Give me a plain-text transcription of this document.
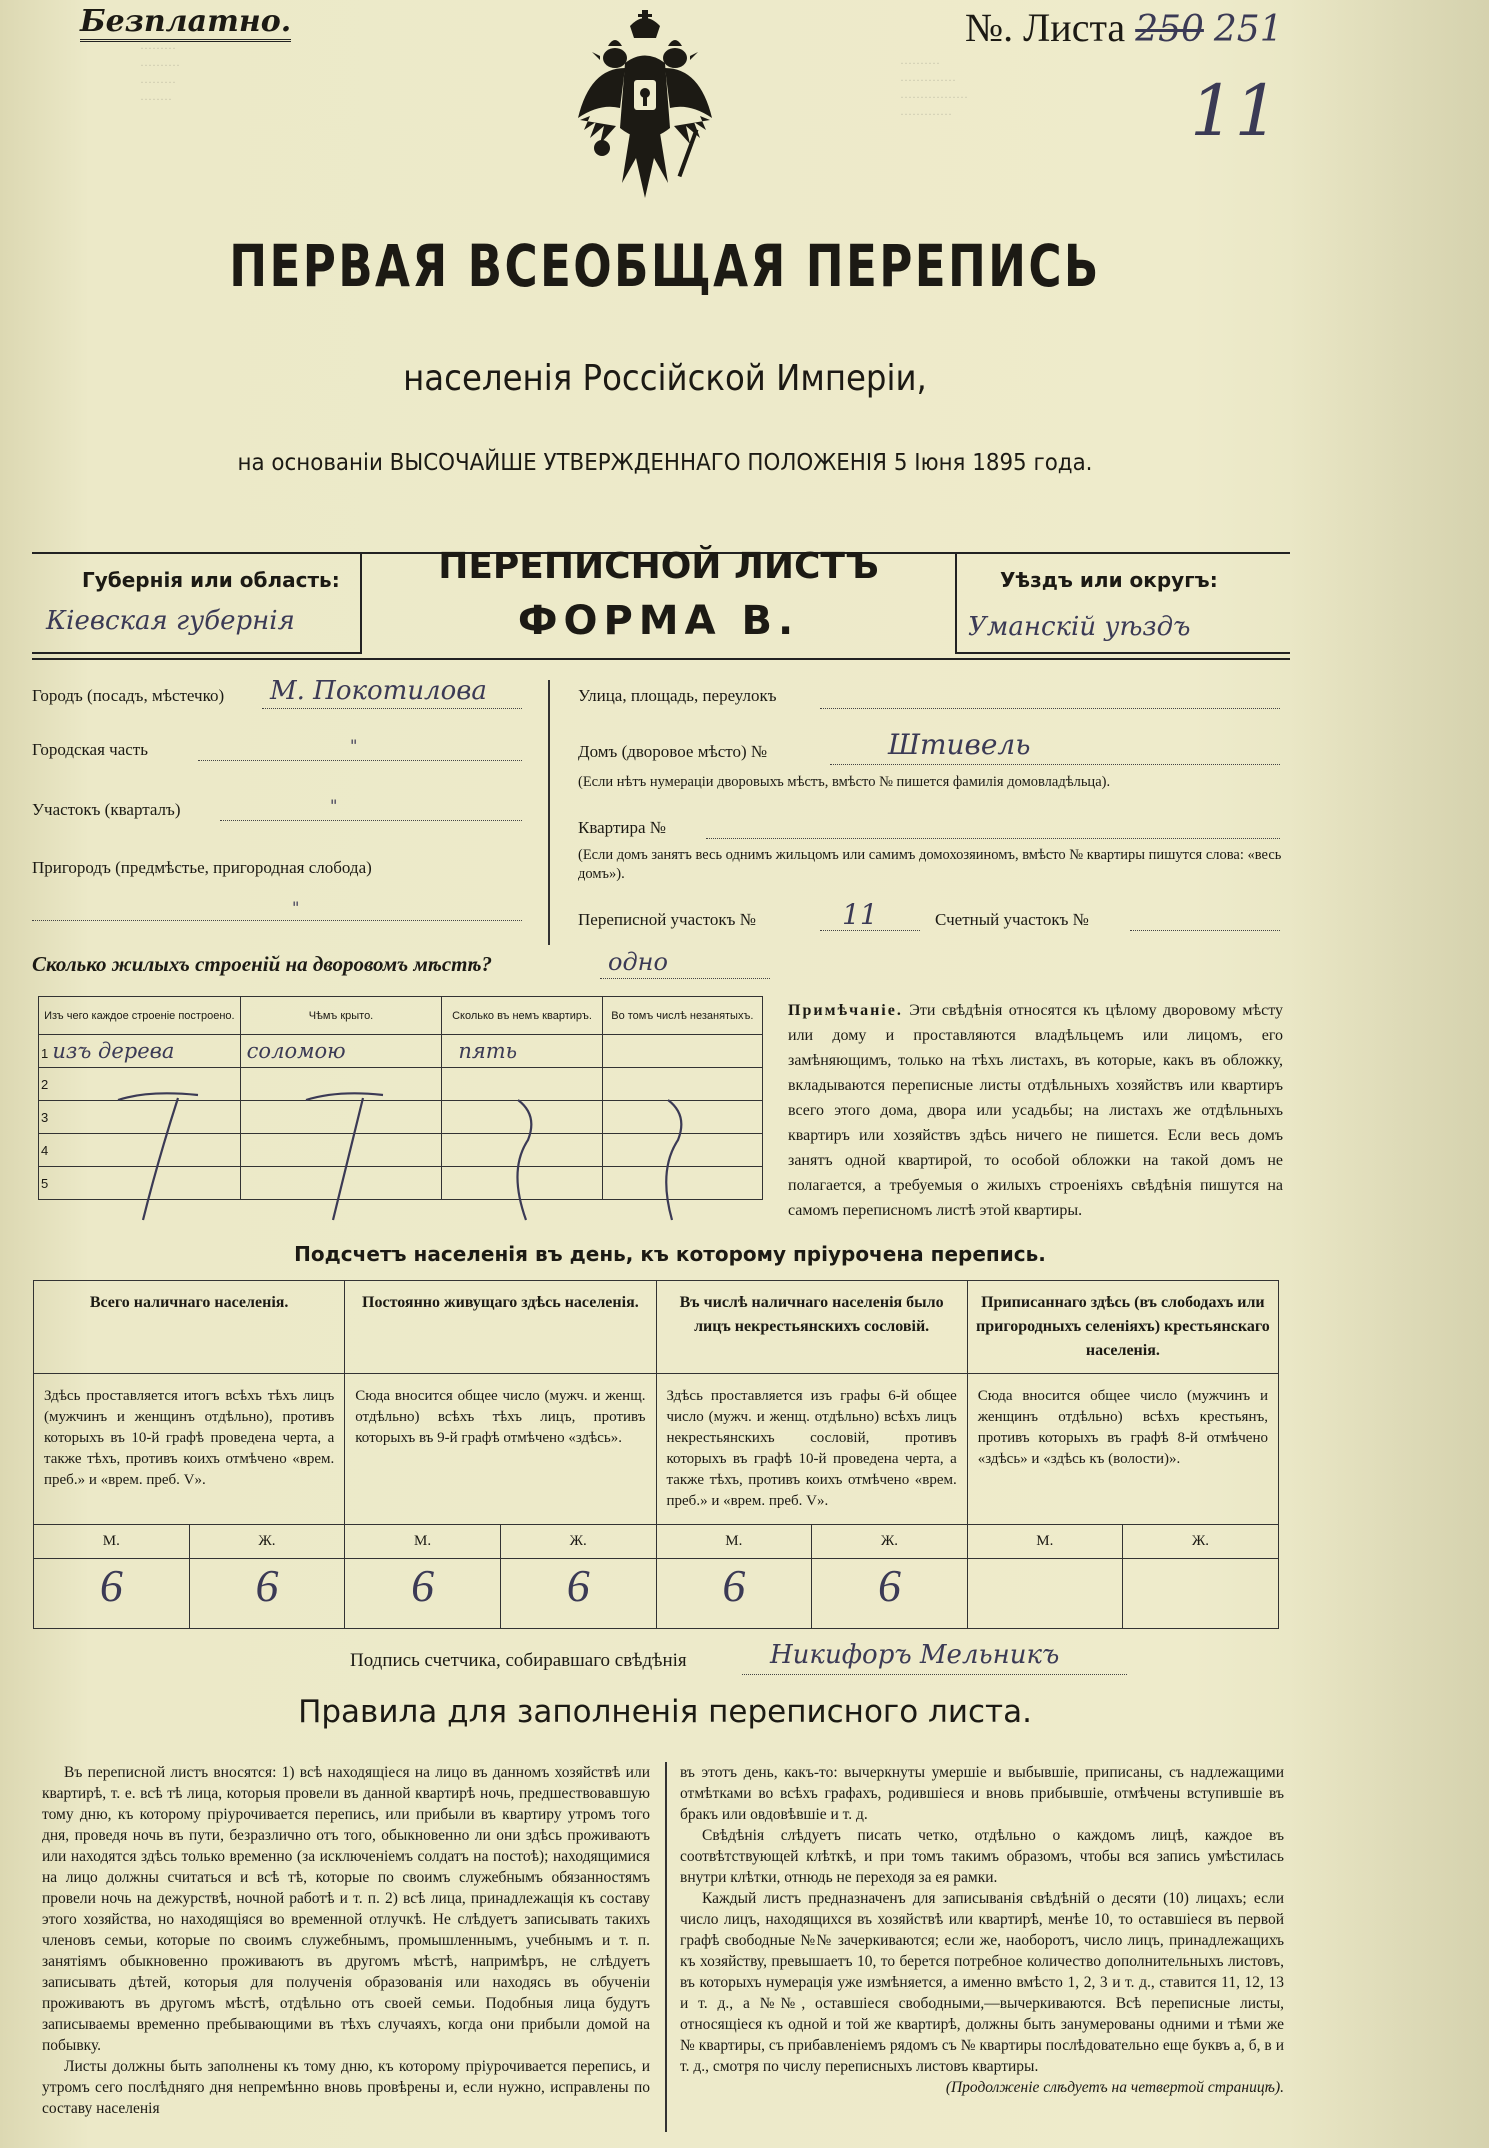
·········
··········
·········
········
··········
··············
·················
·············
Безплатно.	№. Листа 250 251
11
ПЕРВАЯ ВСЕОБЩАЯ ПЕРЕПИСЬ
населенія Россійской Имперіи,
на основаніи ВЫСОЧАЙШЕ УТВЕРЖДЕННАГО ПОЛОЖЕНІЯ 5 Іюня 1895 года.
Губернія или область:
Кіевская губернія
ПЕРЕПИСНОЙ ЛИСТЪ
ФОРМА В.
Уѣздъ или округъ:
Уманскій уѣздъ
Городъ (посадъ, мѣстечко) М. Покотилова
Городская часть	"
Участокъ (кварталъ)	"
Пригородъ (предмѣстье, пригородная слобода)
"
Улица, площадь, переулокъ
Домъ (дворовое мѣсто) №	Штивель
(Если нѣтъ нумераціи дворовыхъ мѣстъ, вмѣсто № пишется фамилія домовладѣльца).
Квартира №
(Если домъ занятъ весь однимъ жильцомъ или самимъ домохозяиномъ, вмѣсто № квартиры пишутся слова: «весь домъ»).
Переписной участокъ №	11	Счетный участокъ №
Сколько жилыхъ строеній на дворовомъ мѣстѣ?	одно
Изъ чего каждое строеніе построено.	Чѣмъ крыто.	Сколько въ немъ квартиръ.	Во томъ числѣ незанятыхъ.
1 изъ дерева	соломою	пять	
2			
3			
4			
5			
Примѣчаніе. Эти свѣдѣнія относятся къ цѣлому дворовому мѣсту или дому и проставляются владѣльцемъ или лицомъ, его замѣняющимъ, только на тѣхъ листахъ, въ которые, какъ въ обложку, вкладываются переписные листы отдѣльныхъ хозяйствъ или квартиръ всего этого дома, двора или усадьбы; на листахъ же отдѣльныхъ квартиръ или хозяйствъ здѣсь ничего не пишется. Если весь домъ занятъ одной квартирой, то особой обложки на такой домъ не полагается, а требуемыя о жилыхъ строеніяхъ свѣдѣнія пишутся на самомъ переписномъ листѣ этой квартиры.
Подсчетъ населенія въ день, къ которому пріурочена перепись.
Всего наличнаго населенія.		Постоянно живущаго здѣсь населенія.		Въ числѣ наличнаго населенія было лицъ некрестьянскихъ сословій.		Приписаннаго здѣсь (въ слободахъ или пригородныхъ селеніяхъ) крестьянскаго населенія.	
Здѣсь проставляется итогъ всѣхъ тѣхъ лицъ (мужчинъ и женщинъ отдѣльно), противъ которыхъ въ 10-й графѣ проведена черта, а также тѣхъ, противъ коихъ отмѣчено «врем. преб.» и «врем. преб. V».		Сюда вносится общее число (мужч. и женщ. отдѣльно) всѣхъ тѣхъ лицъ, противъ которыхъ въ 9-й графѣ отмѣчено «здѣсь».		Здѣсь проставляется изъ графы 6-й общее число (мужч. и женщ. отдѣльно) всѣхъ лицъ некрестьянскихъ сословій, противъ которыхъ въ графѣ 10-й проведена черта, а также тѣхъ, противъ коихъ отмѣчено «врем. преб.» и «врем. преб. V».		Сюда вносится общее число (мужчинъ и женщинъ отдѣльно) всѣхъ крестьянъ, противъ которыхъ въ графѣ 8-й отмѣчено «здѣсь» и «здѣсь къ (волости)».	
М.	Ж.	М.	Ж.	М.	Ж.	М.	Ж.
6	6	6	6	6	6		
Подпись счетчика, собиравшаго свѣдѣнія	Никифоръ Мельникъ
Правила для заполненія переписного листа.

Въ переписной листъ вносятся: 1) всѣ находящіеся на лицо въ данномъ хозяйствѣ или квартирѣ, т. е. всѣ тѣ лица, которыя провели въ данной квартирѣ ночь, предшествовавшую тому дню, къ которому пріурочивается перепись, или прибыли въ квартиру утромъ того дня, проведя ночь въ пути, безразлично отъ того, обыкновенно ли они здѣсь проживаютъ или находятся здѣсь только временно (за исключеніемъ солдатъ на постоѣ); находящимися на лицо должны считаться и всѣ тѣ, которые по своимъ служебнымъ обязанностямъ провели ночь на дежурствѣ, ночной работѣ и т. п. 2) всѣ лица, принадлежащія къ составу этого хозяйства, но находящіяся во временной отлучкѣ. Не слѣдуетъ записывать такихъ членовъ семьи, которые по своимъ служебнымъ, промышленнымъ, учебнымъ и т. п. занятіямъ обыкновенно проживаютъ въ другомъ мѣстѣ, напримѣръ, не слѣдуетъ записывать дѣтей, которыя для полученія образованія или находясь въ обученіи проживаютъ въ другомъ мѣстѣ, отдѣльно отъ своей семьи. Подобныя лица будутъ записываемы временно пребывающими въ тѣхъ случаяхъ, когда они прибыли домой на побывку.

Листы должны быть заполнены къ тому дню, къ которому пріурочивается перепись, и утромъ сего послѣдняго дня непремѣнно вновь провѣрены и, если нужно, исправлены по составу населенія

въ этотъ день, какъ-то: вычеркнуты умершіе и выбывшіе, приписаны, съ надлежащими отмѣтками во всѣхъ графахъ, родившіеся и вновь прибывшіе, отмѣчены вступившіе въ бракъ или овдовѣвшіе и т. д.

Свѣдѣнія слѣдуетъ писать четко, отдѣльно о каждомъ лицѣ, каждое въ соотвѣтствующей клѣткѣ, и при томъ такимъ образомъ, чтобы вся запись умѣстилась внутри клѣтки, отнюдь не переходя за ея рамки.

Каждый листъ предназначенъ для записыванія свѣдѣній о десяти (10) лицахъ; если число лицъ, находящихся въ хозяйствѣ или квартирѣ, менѣе 10, то оставшіеся въ первой графѣ свободные №№ зачеркиваются; если же, наоборотъ, число лицъ, принадлежащихъ къ хозяйству, превышаетъ 10, то берется потребное количество дополнительныхъ листовъ, въ которыхъ нумерація уже измѣняется, а именно вмѣсто 1, 2, 3 и т. д., ставится 11, 12, 13 и т. д., а №№, оставшіеся свободными,—вычеркиваются. Всѣ переписные листы, относящіеся къ одной и той же квартирѣ, должны быть занумерованы одними и тѣми же № квартиры, съ прибавленіемъ рядомъ съ № квартиры послѣдовательно еще буквъ а, б, в и т. д., смотря по числу переписныхъ листовъ квартиры.

(Продолженіе слѣдуетъ на четвертой страницѣ).
